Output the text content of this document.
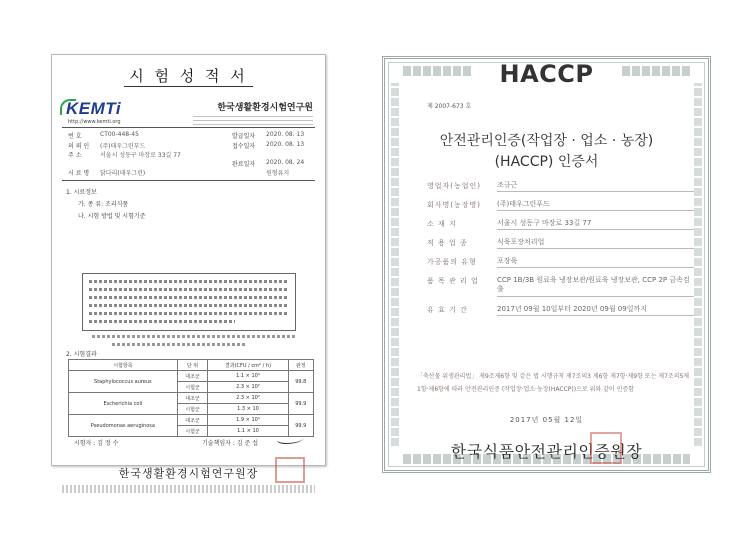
시 험 성 적 서
KEMTi
http://www.kemti.org
한국생활환경시험연구원
번 호	CT00-448-45	발급일자 2020. 08. 13
의 뢰 인 (주)태우그린푸드	접수일자 2020. 08. 13
주 소	서울시 성동구 마장로 33길 77
완료일자 2020. 08. 24
시 료 명 닭다리(태우그린)	원형유지
1. 시료정보
가. 종 류: 조리식품
나. 시험 방법 및 시험기준
2. 시험결과
시험항목	단 위	결과(CFU / cm² / h)	판정
Staphylococcus aureus	대조군	1.1 × 10⁴	99.8
	시험군	2.3 × 10²	
Escherichia coli	대조군	2.3 × 10⁴	99.9
	시험군	1.3 × 10	
Pseudomonas aeruginosa	대조군	1.9 × 10⁴	99.9
	시험군	1.1 × 10	
시험자 : 김 정 수	기술책임자 : 김 준 섭
한국생활환경시험연구원장
HACCP
제 2007-673 호
안전관리인증(작업장 · 업소 · 농장)
(HACCP) 인증서
영업자(농업인)	조규근
회사명(농장명)	(주)태우그린푸드
소 재 지	서울시 성동구 마장로 33길 77
적 용 업 종	식육포장처리업
가공품의 유형	포장육
품 목 관 리 업	CCP 1B/3B 원료육 냉장보관/원료육 냉장보관, CCP 2P 금속검출
유 효 기 간	2017년 09월 10일부터 2020년 09월 09일까지
「축산물 위생관리법」 제9조제6항 및 같은 법 시행규칙 제7조의3 제6항 제7항·제9항 또는 제7조의5제1항·제6항에 따라 안전관리인증 (작업장·업소·농장(HACCP))으로 위와 같이 인증함
2017년 05월 12일
한국식품안전관리인증원장
